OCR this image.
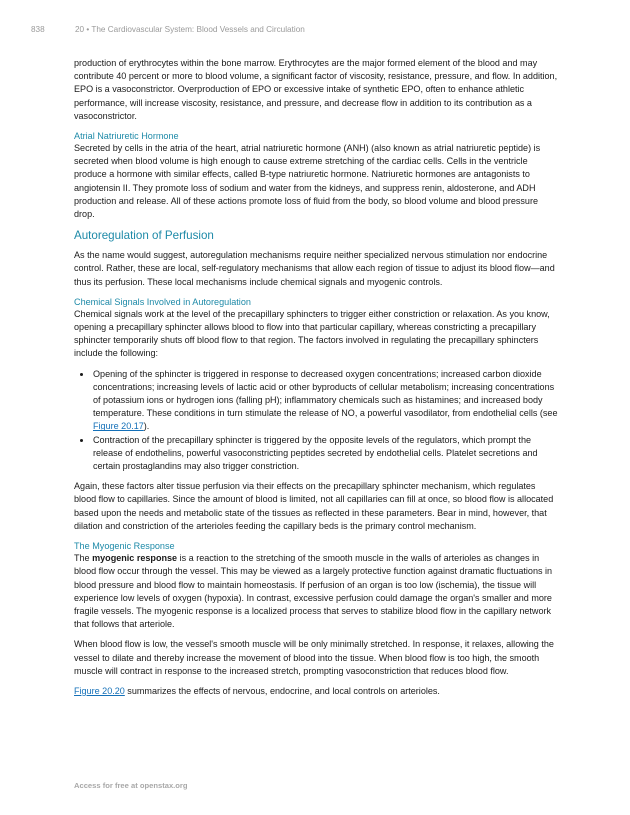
838	20 • The Cardiovascular System: Blood Vessels and Circulation

production of erythrocytes within the bone marrow. Erythrocytes are the major formed element of the blood and may contribute 40 percent or more to blood volume, a significant factor of viscosity, resistance, pressure, and flow. In addition, EPO is a vasoconstrictor. Overproduction of EPO or excessive intake of synthetic EPO, often to enhance athletic performance, will increase viscosity, resistance, and pressure, and decrease flow in addition to its contribution as a vasoconstrictor.

Atrial Natriuretic Hormone

Secreted by cells in the atria of the heart, atrial natriuretic hormone (ANH) (also known as atrial natriuretic peptide) is secreted when blood volume is high enough to cause extreme stretching of the cardiac cells. Cells in the ventricle produce a hormone with similar effects, called B-type natriuretic hormone. Natriuretic hormones are antagonists to angiotensin II. They promote loss of sodium and water from the kidneys, and suppress renin, aldosterone, and ADH production and release. All of these actions promote loss of fluid from the body, so blood volume and blood pressure drop.

Autoregulation of Perfusion

As the name would suggest, autoregulation mechanisms require neither specialized nervous stimulation nor endocrine control. Rather, these are local, self-regulatory mechanisms that allow each region of tissue to adjust its blood flow—and thus its perfusion. These local mechanisms include chemical signals and myogenic controls.

Chemical Signals Involved in Autoregulation

Chemical signals work at the level of the precapillary sphincters to trigger either constriction or relaxation. As you know, opening a precapillary sphincter allows blood to flow into that particular capillary, whereas constricting a precapillary sphincter temporarily shuts off blood flow to that region. The factors involved in regulating the precapillary sphincters include the following:

• Opening of the sphincter is triggered in response to decreased oxygen concentrations; increased carbon dioxide concentrations; increasing levels of lactic acid or other byproducts of cellular metabolism; increasing concentrations of potassium ions or hydrogen ions (falling pH); inflammatory chemicals such as histamines; and increased body temperature. These conditions in turn stimulate the release of NO, a powerful vasodilator, from endothelial cells (see Figure 20.17).
• Contraction of the precapillary sphincter is triggered by the opposite levels of the regulators, which prompt the release of endothelins, powerful vasoconstricting peptides secreted by endothelial cells. Platelet secretions and certain prostaglandins may also trigger constriction.

Again, these factors alter tissue perfusion via their effects on the precapillary sphincter mechanism, which regulates blood flow to capillaries. Since the amount of blood is limited, not all capillaries can fill at once, so blood flow is allocated based upon the needs and metabolic state of the tissues as reflected in these parameters. Bear in mind, however, that dilation and constriction of the arterioles feeding the capillary beds is the primary control mechanism.

The Myogenic Response

The myogenic response is a reaction to the stretching of the smooth muscle in the walls of arterioles as changes in blood flow occur through the vessel. This may be viewed as a largely protective function against dramatic fluctuations in blood pressure and blood flow to maintain homeostasis. If perfusion of an organ is too low (ischemia), the tissue will experience low levels of oxygen (hypoxia). In contrast, excessive perfusion could damage the organ's smaller and more fragile vessels. The myogenic response is a localized process that serves to stabilize blood flow in the capillary network that follows that arteriole.

When blood flow is low, the vessel's smooth muscle will be only minimally stretched. In response, it relaxes, allowing the vessel to dilate and thereby increase the movement of blood into the tissue. When blood flow is too high, the smooth muscle will contract in response to the increased stretch, prompting vasoconstriction that reduces blood flow.

Figure 20.20 summarizes the effects of nervous, endocrine, and local controls on arterioles.

Access for free at openstax.org
